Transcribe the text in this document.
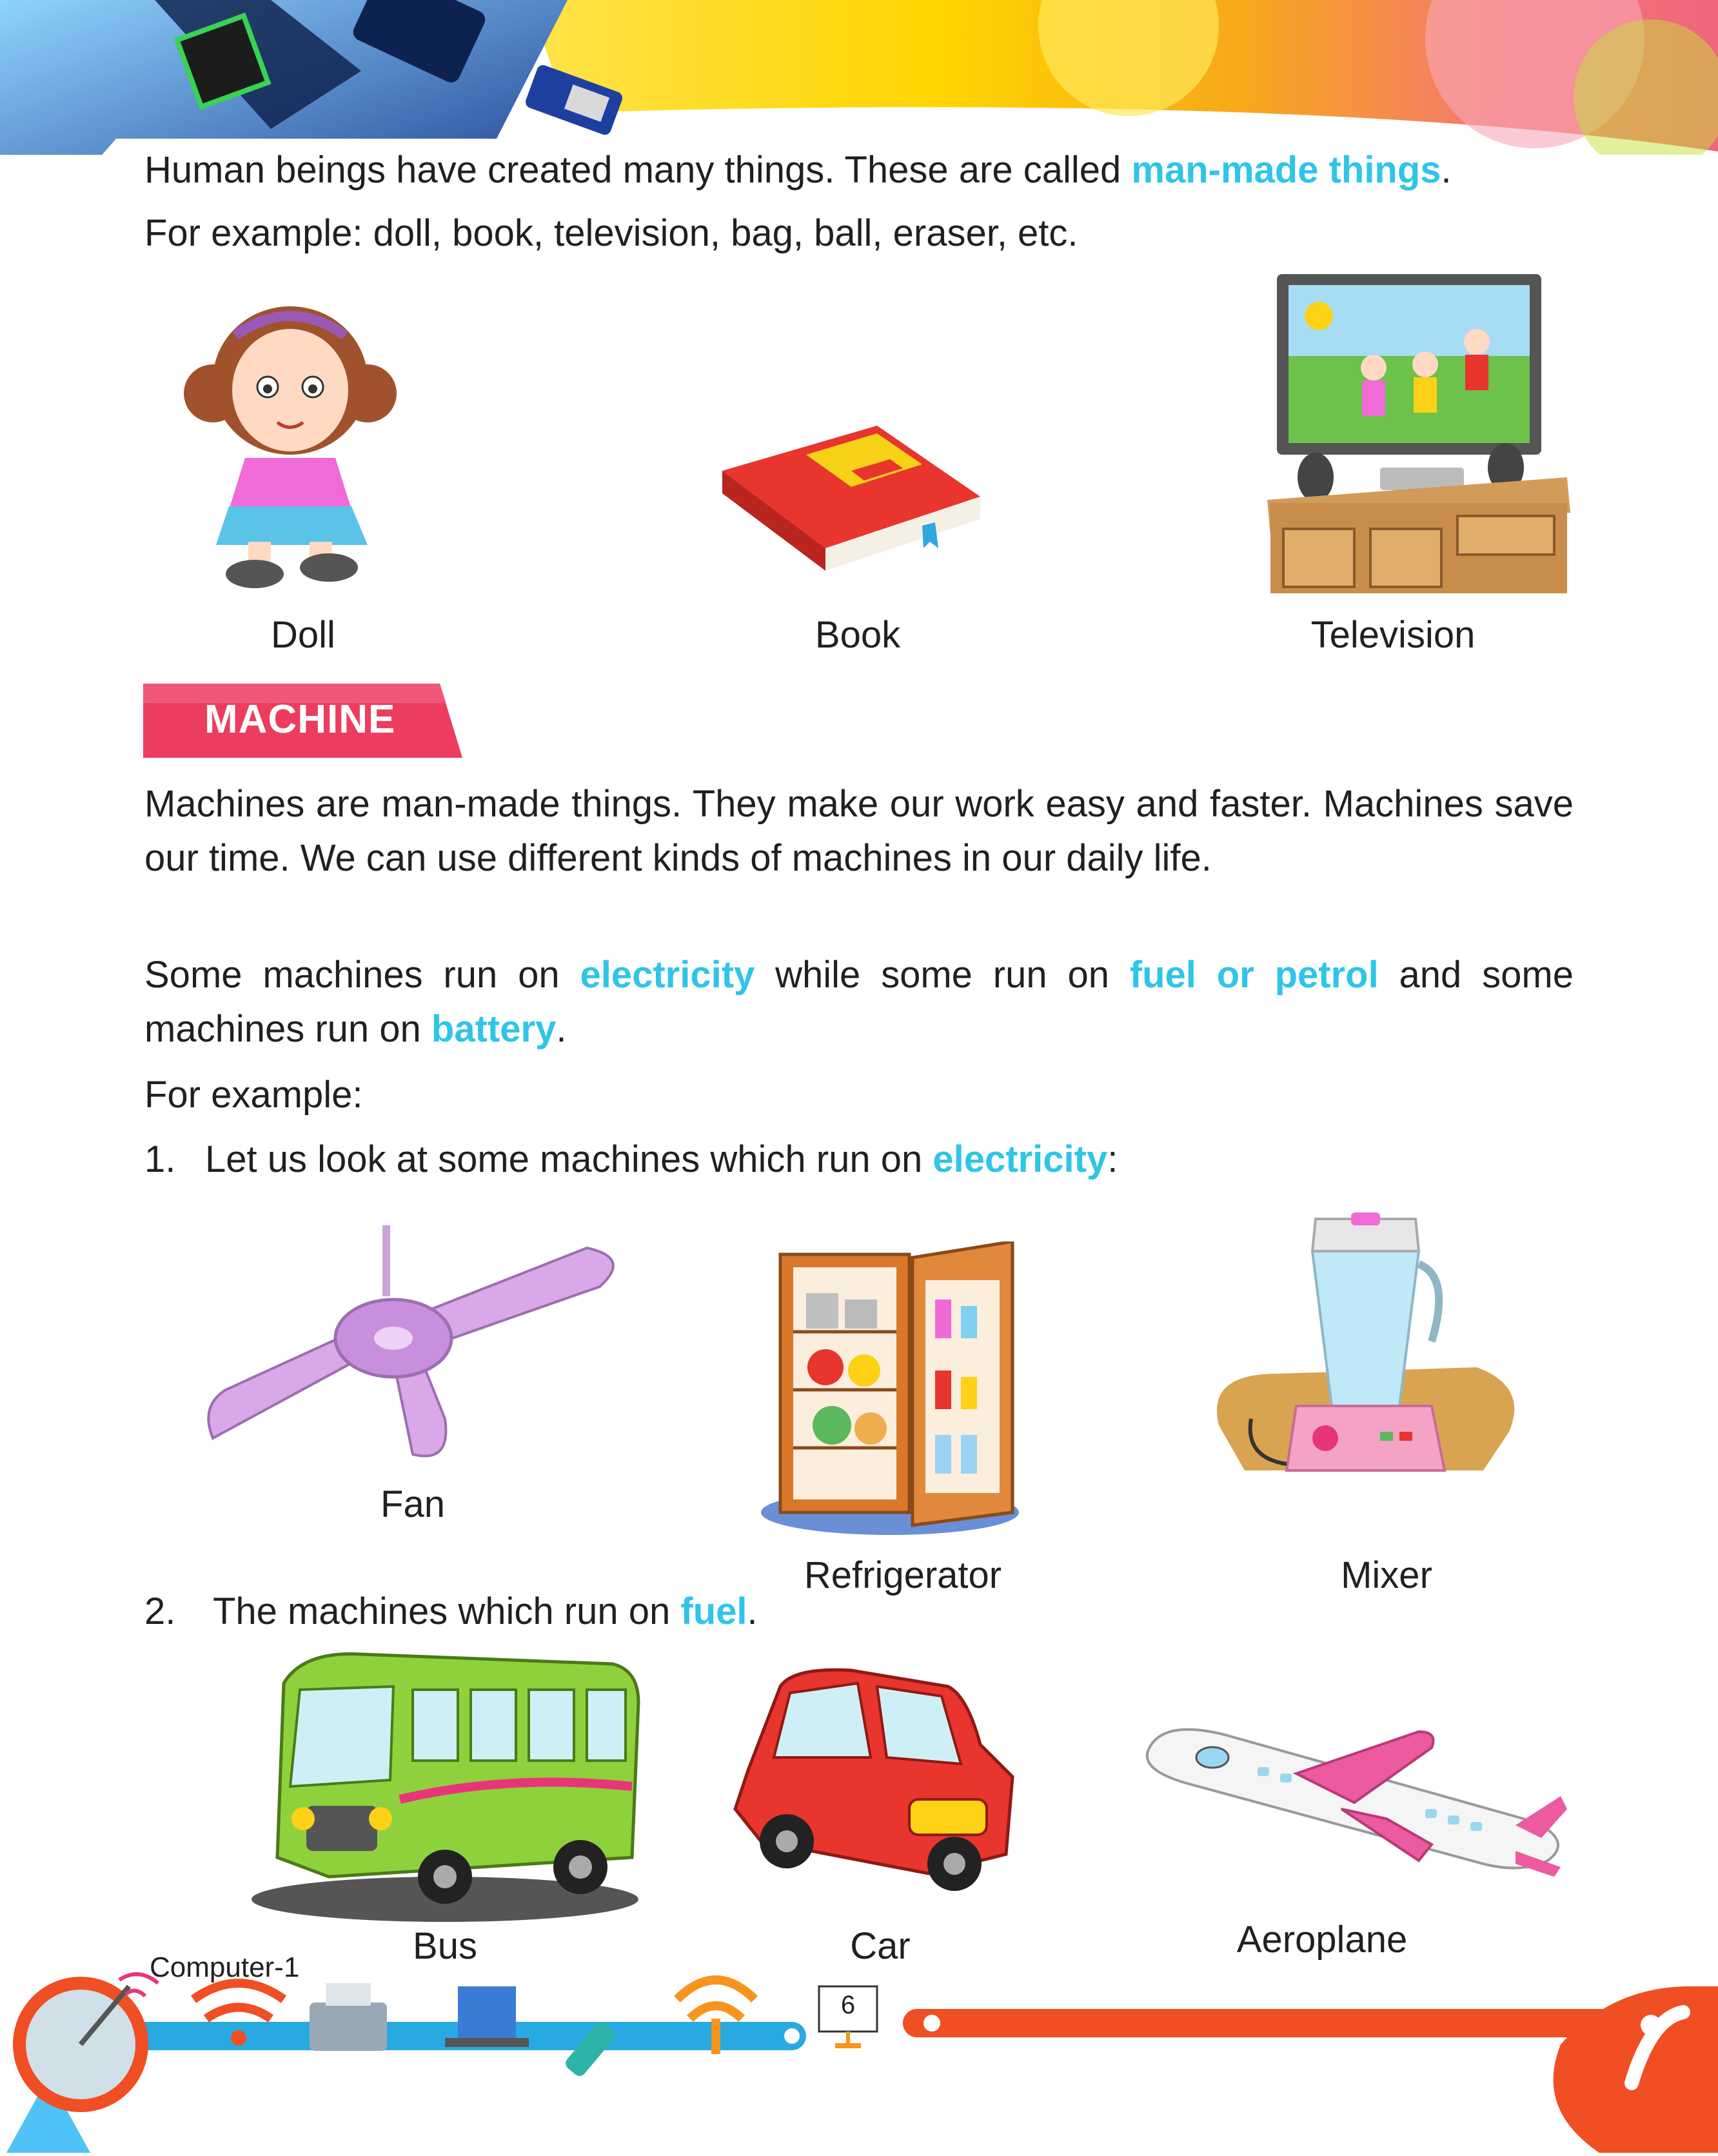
Human beings have created many things. These are called man-made things.
For example: doll, book, television, bag, ball, eraser, etc.
Doll	Book	Television
MACHINE
Machines are man-made things. They make our work easy and faster. Machines save our time. We can use different kinds of machines in our daily life.
Some machines run on electricity while some run on fuel or petrol and some machines run on battery.
For example:
1. Let us look at some machines which run on electricity:
Fan
Refrigerator	Mixer
2. The machines which run on fuel.
Bus	Car	Aeroplane
Computer-1
6
